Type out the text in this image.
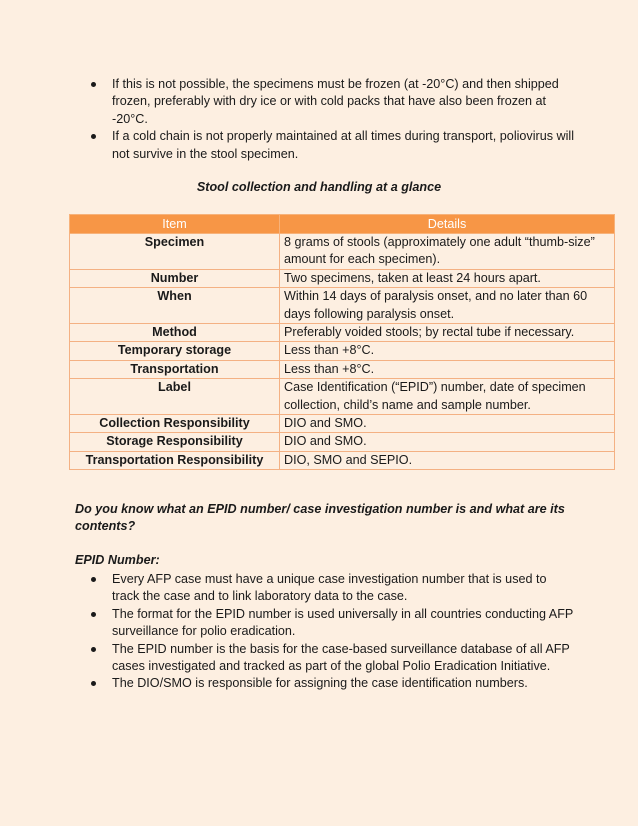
If this is not possible, the specimens must be frozen (at -20°C) and then shipped frozen, preferably with dry ice or with cold packs that have also been frozen at -20°C.
If a cold chain is not properly maintained at all times during transport, poliovirus will not survive in the stool specimen.
Stool collection and handling at a glance
Item	Details
Specimen	8 grams of stools (approximately one adult “thumb-size” amount for each specimen).
Number	Two specimens, taken at least 24 hours apart.
When	Within 14 days of paralysis onset, and no later than 60 days following paralysis onset.
Method	Preferably voided stools; by rectal tube if necessary.
Temporary storage	Less than +8°C.
Transportation	Less than +8°C.
Label	Case Identification (“EPID”) number, date of specimen collection, child’s name and sample number.
Collection Responsibility	DIO and SMO.
Storage Responsibility	DIO and SMO.
Transportation Responsibility	DIO, SMO and SEPIO.
Do you know what an EPID number/ case investigation number is and what are its contents?
EPID Number:
Every AFP case must have a unique case investigation number that is used to track the case and to link laboratory data to the case.
The format for the EPID number is used universally in all countries conducting AFP surveillance for polio eradication.
The EPID number is the basis for the case-based surveillance database of all AFP cases investigated and tracked as part of the global Polio Eradication Initiative.
The DIO/SMO is responsible for assigning the case identification numbers.
